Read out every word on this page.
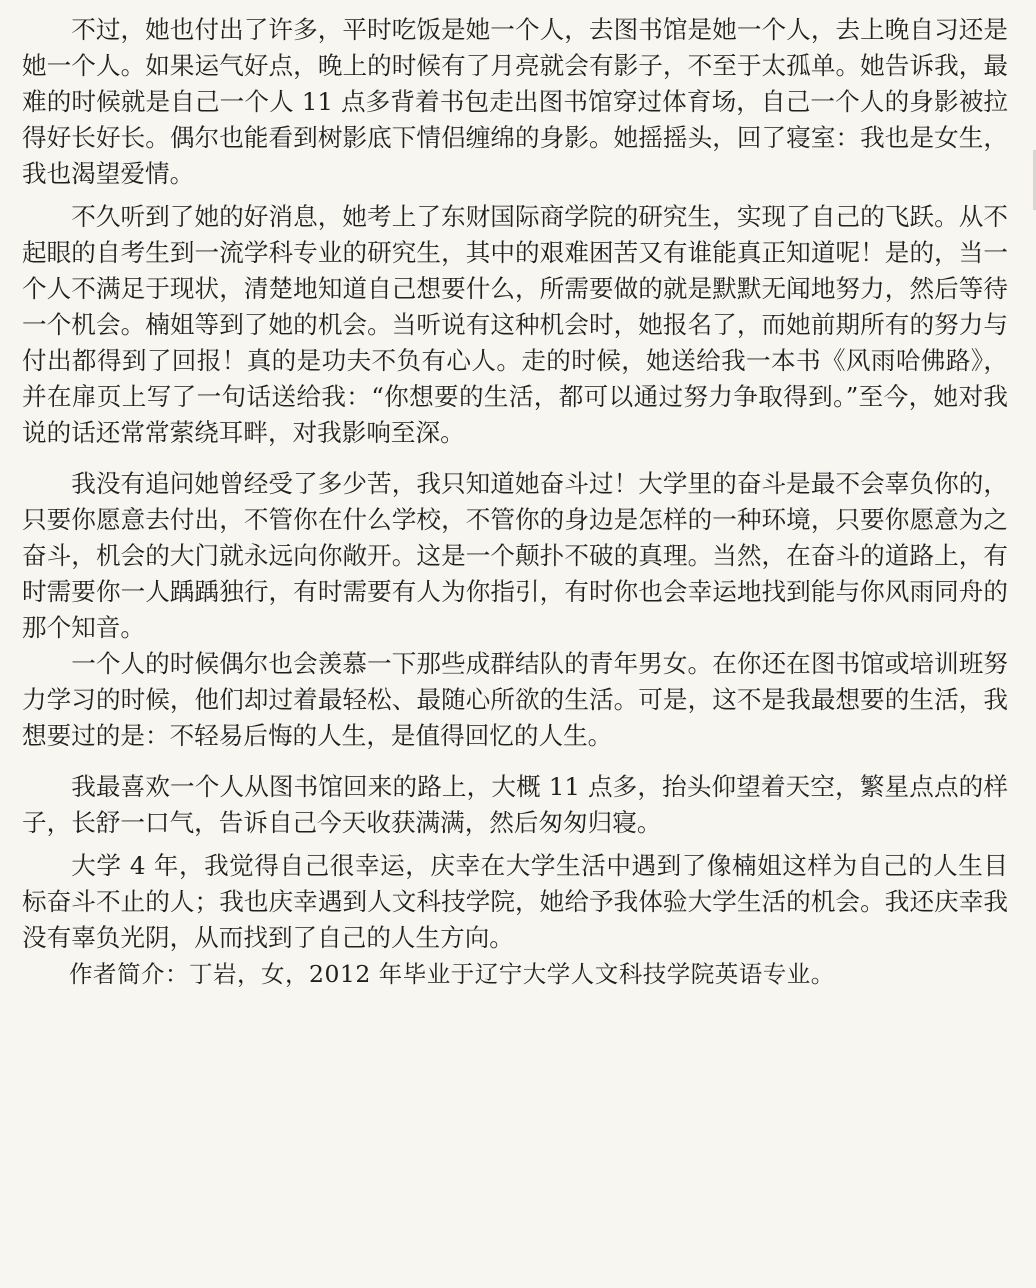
不过，她也付出了许多，平时吃饭是她一个人，去图书馆是她一个人，去上晚自习还是她一个人。如果运气好点，晚上的时候有了月亮就会有影子，不至于太孤单。她告诉我，最难的时候就是自己一个人 11 点多背着书包走出图书馆穿过体育场，自己一个人的身影被拉得好长好长。偶尔也能看到树影底下情侣缠绵的身影。她摇摇头，回了寝室：我也是女生，我也渴望爱情。

不久听到了她的好消息，她考上了东财国际商学院的研究生，实现了自己的飞跃。从不起眼的自考生到一流学科专业的研究生，其中的艰难困苦又有谁能真正知道呢！是的，当一个人不满足于现状，清楚地知道自己想要什么，所需要做的就是默默无闻地努力，然后等待一个机会。楠姐等到了她的机会。当听说有这种机会时，她报名了，而她前期所有的努力与付出都得到了回报！真的是功夫不负有心人。走的时候，她送给我一本书《风雨哈佛路》，并在扉页上写了一句话送给我：“你想要的生活，都可以通过努力争取得到。”至今，她对我说的话还常常萦绕耳畔，对我影响至深。

我没有追问她曾经受了多少苦，我只知道她奋斗过！大学里的奋斗是最不会辜负你的，只要你愿意去付出，不管你在什么学校，不管你的身边是怎样的一种环境，只要你愿意为之奋斗，机会的大门就永远向你敞开。这是一个颠扑不破的真理。当然，在奋斗的道路上，有时需要你一人踽踽独行，有时需要有人为你指引，有时你也会幸运地找到能与你风雨同舟的那个知音。

一个人的时候偶尔也会羡慕一下那些成群结队的青年男女。在你还在图书馆或培训班努力学习的时候，他们却过着最轻松、最随心所欲的生活。可是，这不是我最想要的生活，我想要过的是：不轻易后悔的人生，是值得回忆的人生。

我最喜欢一个人从图书馆回来的路上，大概 11 点多，抬头仰望着天空，繁星点点的样子，长舒一口气，告诉自己今天收获满满，然后匆匆归寝。

大学 4 年，我觉得自己很幸运，庆幸在大学生活中遇到了像楠姐这样为自己的人生目标奋斗不止的人；我也庆幸遇到人文科技学院，她给予我体验大学生活的机会。我还庆幸我没有辜负光阴，从而找到了自己的人生方向。

作者简介：丁岩，女，2012 年毕业于辽宁大学人文科技学院英语专业。
